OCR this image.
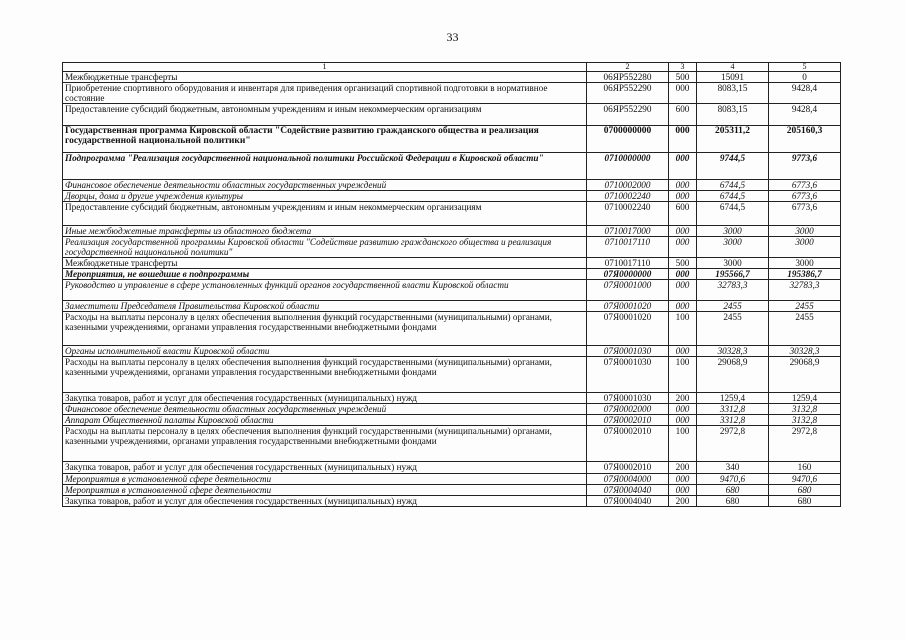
33
1	2	3	4	5
Межбюджетные трансферты	06ЯР552280	500	15091	0
Приобретение спортивного оборудования и инвентаря для приведения организаций спортивной подготовки в нормативное состояние	06ЯР552290	000	8083,15	9428,4
Предоставление субсидий бюджетным, автономным учреждениям и иным некоммерческим организациям	06ЯР552290	600	8083,15	9428,4
Государственная программа Кировской области "Содействие развитию гражданского общества и реализация государственной национальной политики"	0700000000	000	205311,2	205160,3
Подпрограмма "Реализация государственной национальной политики Российской Федерации в Кировской области"	0710000000	000	9744,5	9773,6
Финансовое обеспечение деятельности областных государственных учреждений	0710002000	000	6744,5	6773,6
Дворцы, дома и другие учреждения культуры	0710002240	000	6744,5	6773,6
Предоставление субсидий бюджетным, автономным учреждениям и иным некоммерческим организациям	0710002240	600	6744,5	6773,6
Иные межбюджетные трансферты из областного бюджета	0710017000	000	3000	3000
Реализация государственной программы Кировской области "Содействие развитию гражданского общества и реализация государственной национальной политики"	0710017110	000	3000	3000
Межбюджетные трансферты	0710017110	500	3000	3000
Мероприятия, не вошедшие в подпрограммы	07Я0000000	000	195566,7	195386,7
Руководство и управление в сфере установленных функций органов государственной власти Кировской области	07Я0001000	000	32783,3	32783,3
Заместители Председателя Правительства Кировской области	07Я0001020	000	2455	2455
Расходы на выплаты персоналу в целях обеспечения выполнения функций государственными (муниципальными) органами, казенными учреждениями, органами управления государственными внебюджетными фондами	07Я0001020	100	2455	2455
Органы исполнительной власти Кировской области	07Я0001030	000	30328,3	30328,3
Расходы на выплаты персоналу в целях обеспечения выполнения функций государственными (муниципальными) органами, казенными учреждениями, органами управления государственными внебюджетными фондами	07Я0001030	100	29068,9	29068,9
Закупка товаров, работ и услуг для обеспечения государственных (муниципальных) нужд	07Я0001030	200	1259,4	1259,4
Финансовое обеспечение деятельности областных государственных учреждений	07Я0002000	000	3312,8	3132,8
Аппарат Общественной палаты Кировской области	07Я0002010	000	3312,8	3132,8
Расходы на выплаты персоналу в целях обеспечения выполнения функций государственными (муниципальными) органами, казенными учреждениями, органами управления государственными внебюджетными фондами	07Я0002010	100	2972,8	2972,8
Закупка товаров, работ и услуг для обеспечения государственных (муниципальных) нужд	07Я0002010	200	340	160
Мероприятия в установленной сфере деятельности	07Я0004000	000	9470,6	9470,6
Мероприятия в установленной сфере деятельности	07Я0004040	000	680	680
Закупка товаров, работ и услуг для обеспечения государственных (муниципальных) нужд	07Я0004040	200	680	680
